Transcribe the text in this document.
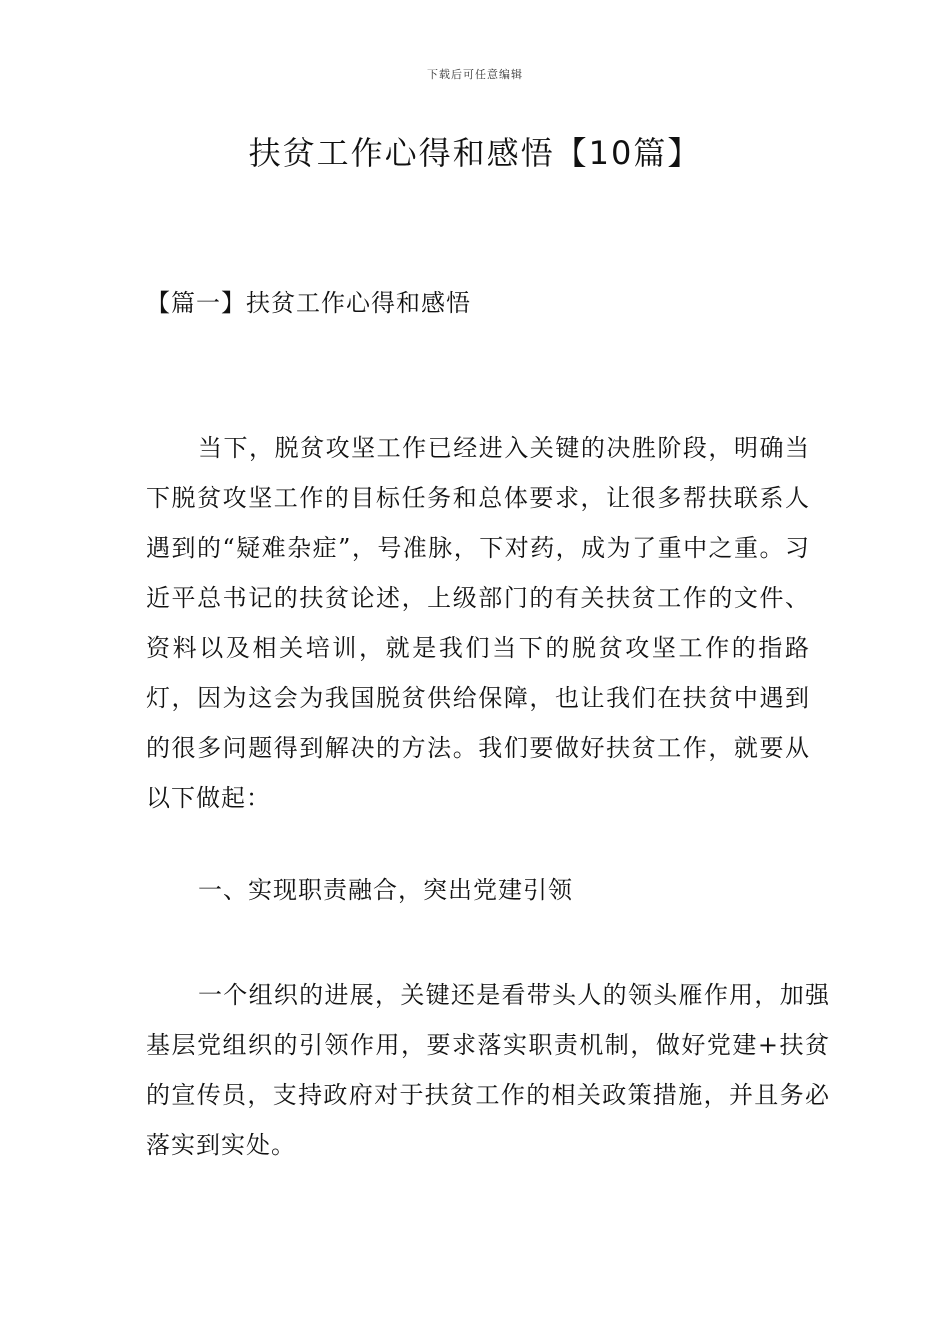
下载后可任意编辑
扶贫工作心得和感悟【10篇】
【篇一】扶贫工作心得和感悟

当下，脱贫攻坚工作已经进入关键的决胜阶段，明确当下脱贫攻坚工作的目标任务和总体要求，让很多帮扶联系人遇到的“疑难杂症”，号准脉，下对药，成为了重中之重。习近平总书记的扶贫论述，上级部门的有关扶贫工作的文件、资料以及相关培训，就是我们当下的脱贫攻坚工作的指路灯，因为这会为我国脱贫供给保障，也让我们在扶贫中遇到的很多问题得到解决的方法。我们要做好扶贫工作，就要从以下做起：

一、实现职责融合，突出党建引领

一个组织的进展，关键还是看带头人的领头雁作用，加强基层党组织的引领作用，要求落实职责机制，做好党建+扶贫的宣传员，支持政府对于扶贫工作的相关政策措施，并且务必落实到实处。
